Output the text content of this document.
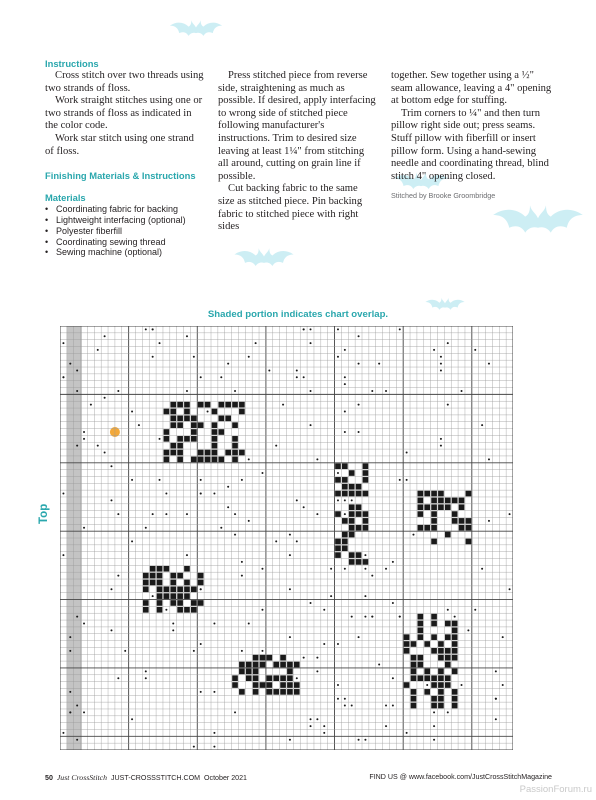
Instructions

Cross stitch over two threads using two strands of floss.

Work straight stitches using one or two strands of floss as indicated in the color code.

Work star stitch using one strand of floss.

Finishing Materials & Instructions
Materials
• Coordinating fabric for backing
• Lightweight interfacing (optional)
• Polyester fiberfill
• Coordinating sewing thread
• Sewing machine (optional)

Press stitched piece from reverse side, straightening as much as possible. If desired, apply interfacing to wrong side of stitched piece following manufacturer's instructions. Trim to desired size leaving at least 1¼" from stitching all around, cutting on grain line if possible.

Cut backing fabric to the same size as stitched piece. Pin backing fabric to stitched piece with right sides

together. Sew together using a ½" seam allowance, leaving a 4" opening at bottom edge for stuffing.

Trim corners to ¼" and then turn pillow right side out; press seams. Stuff pillow with fiberfill or insert pillow form. Using a hand-sewing needle and coordinating thread, blind stitch 4" opening closed.

Stitched by Brooke Groombridge
Shaded portion indicates chart overlap.
Top
50 Just CrossStitch JUST-CROSSSTITCH.COM October 2021	FIND US @ www.facebook.com/JustCrossStitchMagazine
PassionForum.ru
